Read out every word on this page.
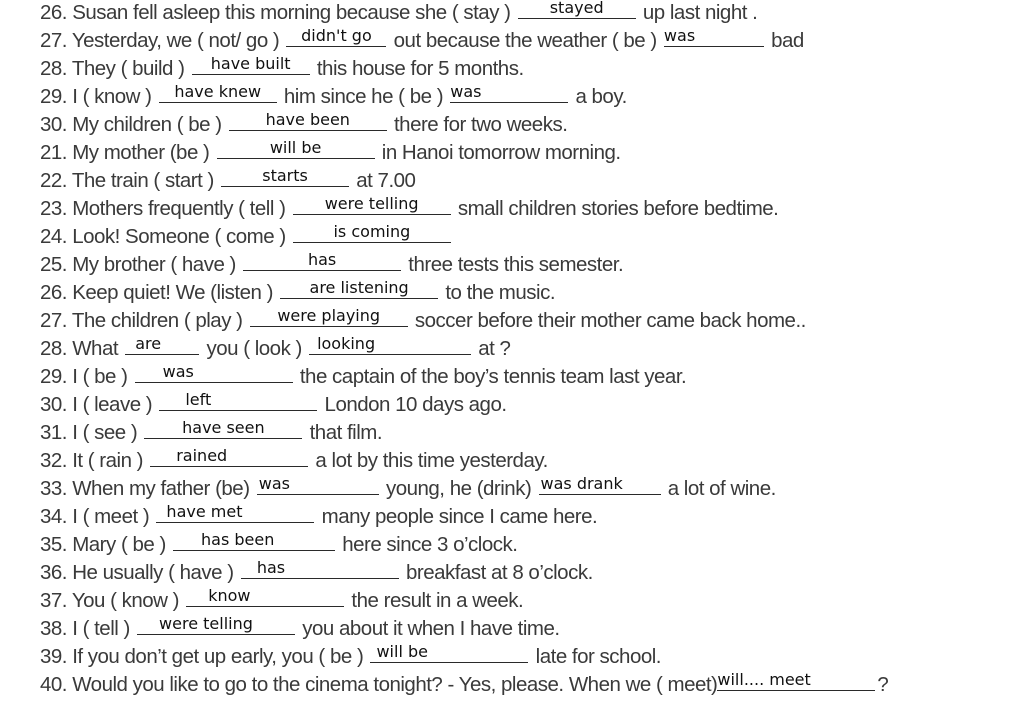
26. Susan fell asleep this morning because she ( stay )	stayed	up last night .
27. Yesterday, we ( not/ go )	didn't go	out because the weather ( be ) was	bad
28. They ( build )	have built	this house for 5 months.
29. I ( know )	have knew	him since he ( be ) was	a boy.
30. My children ( be )	have been	there for two weeks.
21. My mother (be )	will be	in Hanoi tomorrow morning.
22. The train ( start )	starts	at 7.00
23. Mothers frequently ( tell )	were telling	small children stories before bedtime.
24. Look! Someone ( come )	is coming
25. My brother ( have )	has	three tests this semester.
26. Keep quiet! We (listen )	are listening	to the music.
27. The children ( play )	were playing	soccer before their mother came back home..
28. What are	you ( look ) looking	at ?
29. I ( be ) was	the captain of the boy’s tennis team last year.
30. I ( leave ) left	London 10 days ago.
31. I ( see )	have seen	that film.
32. It ( rain ) rained	a lot by this time yesterday.
33. When my father (be) was	young, he (drink) was drank	a lot of wine.
34. I ( meet ) have met	many people since I came here.
35. Mary ( be ) has been	here since 3 o’clock.
36. He usually ( have ) has	breakfast at 8 o’clock.
37. You ( know ) know	the result in a week.
38. I ( tell ) were telling	you about it when I have time.
39. If you don’t get up early, you ( be ) will be	late for school.
40. Would you like to go to the cinema tonight? - Yes, please. When we ( meet) will.... meet	?
